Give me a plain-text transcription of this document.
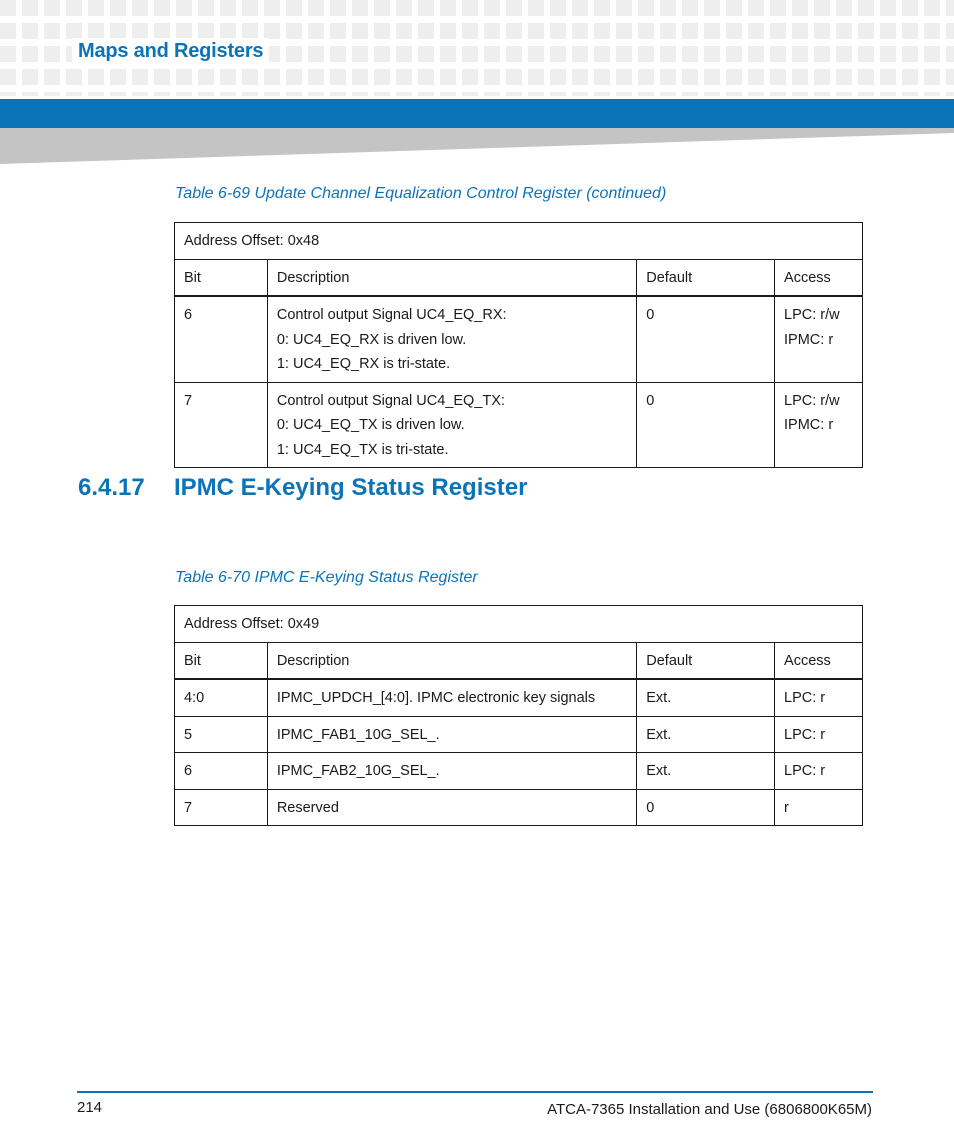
Maps and Registers
Table 6-69 Update Channel Equalization Control Register (continued)
Address Offset: 0x48			
Bit	Description	Default	Access
6	Control output Signal UC4_EQ_RX:
0: UC4_EQ_RX is driven low.
1: UC4_EQ_RX is tri-state.	0	LPC: r/w
IPMC: r

7	Control output Signal UC4_EQ_TX:
0: UC4_EQ_TX is driven low.
1: UC4_EQ_TX is tri-state.	0	LPC: r/w
IPMC: r
6.4.17 IPMC E-Keying Status Register
Table 6-70 IPMC E-Keying Status Register
Address Offset: 0x49			
Bit	Description	Default	Access
4:0	IPMC_UPDCH_[4:0]. IPMC electronic key signals	Ext.	LPC: r
5	IPMC_FAB1_10G_SEL_.	Ext.	LPC: r
6	IPMC_FAB2_10G_SEL_.	Ext.	LPC: r
7	Reserved	0	r
214	ATCA-7365 Installation and Use (6806800K65M)
